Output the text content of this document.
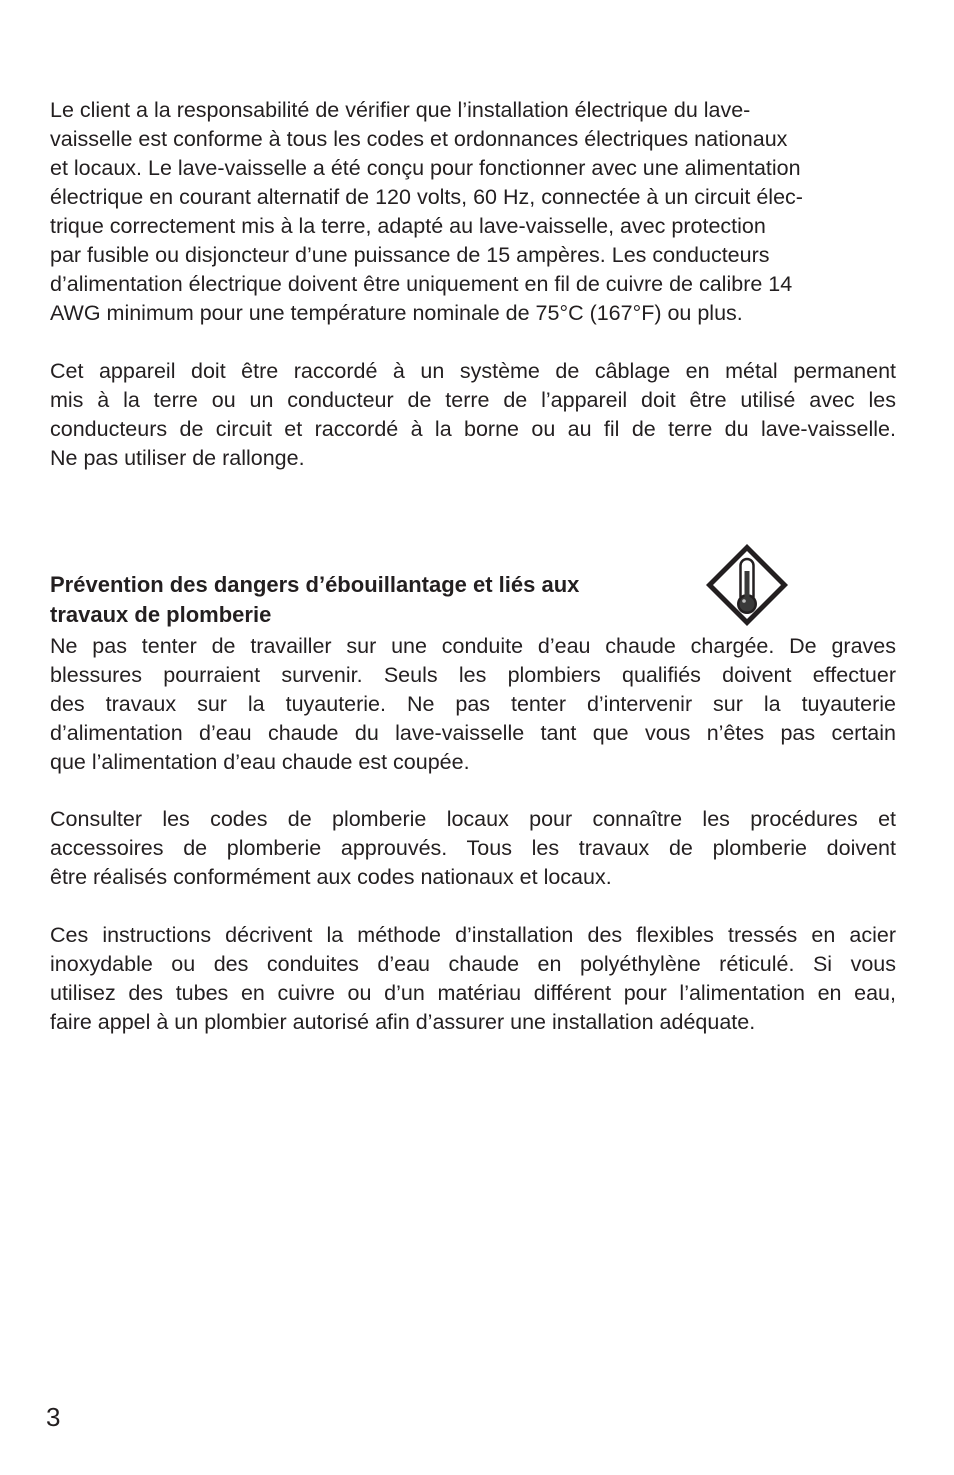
Le client a la responsabilité de vérifier que l’installation électrique du lave-
vaisselle est conforme à tous les codes et ordonnances électriques nationaux
et locaux. Le lave-vaisselle a été conçu pour fonctionner avec une alimentation
électrique en courant alternatif de 120 volts, 60 Hz, connectée à un circuit élec-
trique correctement mis à la terre, adapté au lave-vaisselle, avec protection
par fusible ou disjoncteur d’une puissance de 15 ampères. Les conducteurs
d’alimentation électrique doivent être uniquement en fil de cuivre de calibre 14
AWG minimum pour une température nominale de 75°C (167°F) ou plus.
Cet appareil doit être raccordé à un système de câblage en métal permanent
mis à la terre ou un conducteur de terre de l’appareil doit être utilisé avec les
conducteurs de circuit et raccordé à la borne ou au fil de terre du lave-vaisselle.
Ne pas utiliser de rallonge.
Prévention des dangers d’ébouillantage et liés aux
travaux de plomberie
Ne pas tenter de travailler sur une conduite d’eau chaude chargée. De graves
blessures pourraient survenir. Seuls les plombiers qualifiés doivent effectuer
des travaux sur la tuyauterie. Ne pas tenter d’intervenir sur la tuyauterie
d’alimentation d’eau chaude du lave-vaisselle tant que vous n’êtes pas certain
que l’alimentation d’eau chaude est coupée.
Consulter les codes de plomberie locaux pour connaître les procédures et
accessoires de plomberie approuvés. Tous les travaux de plomberie doivent
être réalisés conformément aux codes nationaux et locaux.
Ces instructions décrivent la méthode d’installation des flexibles tressés en acier
inoxydable ou des conduites d’eau chaude en polyéthylène réticulé. Si vous
utilisez des tubes en cuivre ou d’un matériau différent pour l’alimentation en eau,
faire appel à un plombier autorisé afin d’assurer une installation adéquate.
3
